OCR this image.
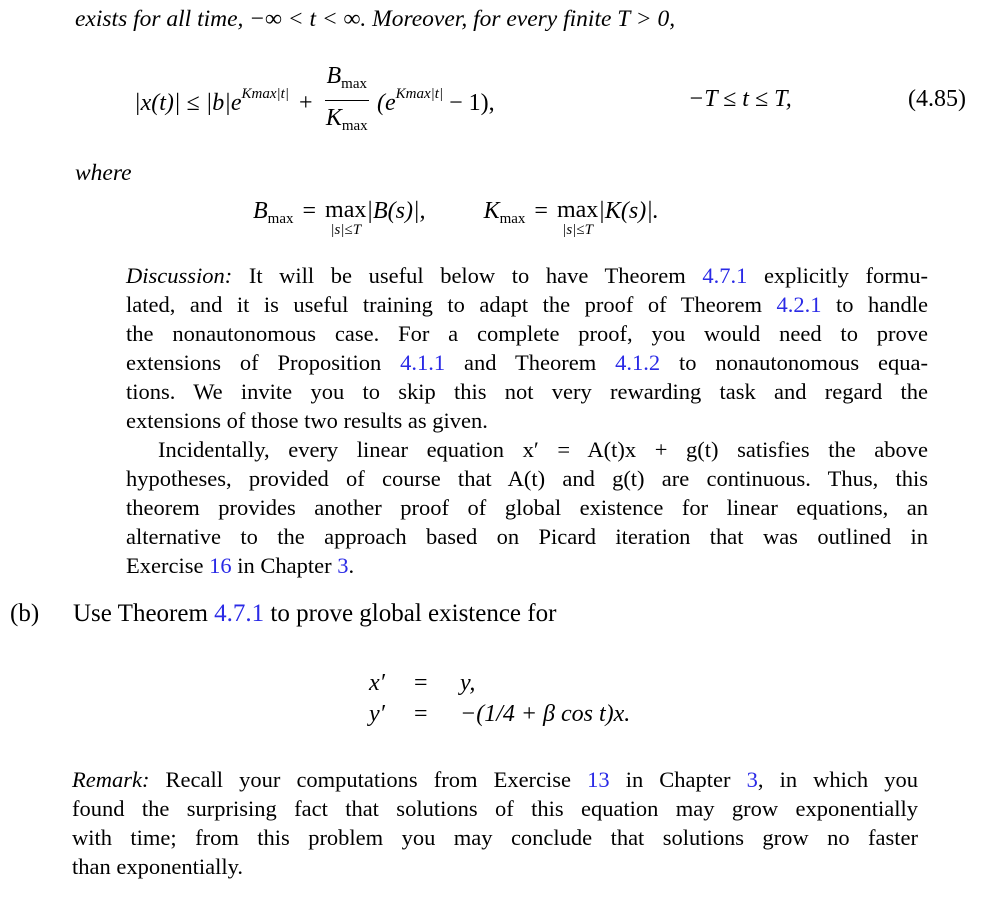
exists for all time, −∞ < t < ∞. Moreover, for every finite T > 0,
$|x(t)| \le |b|e^{Kmax|t|} + \frac{B_{max}}{K_{max}} (e^{Kmax|t|} - 1)$,	−T ≤ t ≤ T,	(4.85)
where
$B_{max} = \max$
|s|≤T
|B(s)|, $K_{max} = \max$
|s|≤T
|K(s)|.
Discussion: It will be useful below to have Theorem 4.7.1 explicitly formu-
lated, and it is useful training to adapt the proof of Theorem 4.2.1 to handle
the nonautonomous case. For a complete proof, you would need to prove
extensions of Proposition 4.1.1 and Theorem 4.1.2 to nonautonomous equa-
tions. We invite you to skip this not very rewarding task and regard the
extensions of those two results as given.
Incidentally, every linear equation x′ = A(t)x + g(t) satisfies the above
hypotheses, provided of course that A(t) and g(t) are continuous. Thus, this
theorem provides another proof of global existence for linear equations, an
alternative to the approach based on Picard iteration that was outlined in
Exercise 16 in Chapter 3.
(b) Use Theorem 4.7.1 to prove global existence for
x′ = y,
y′ = −(1/4 + β cos t)x.
Remark: Recall your computations from Exercise 13 in Chapter 3, in which you
found the surprising fact that solutions of this equation may grow exponentially
with time; from this problem you may conclude that solutions grow no faster
than exponentially.
